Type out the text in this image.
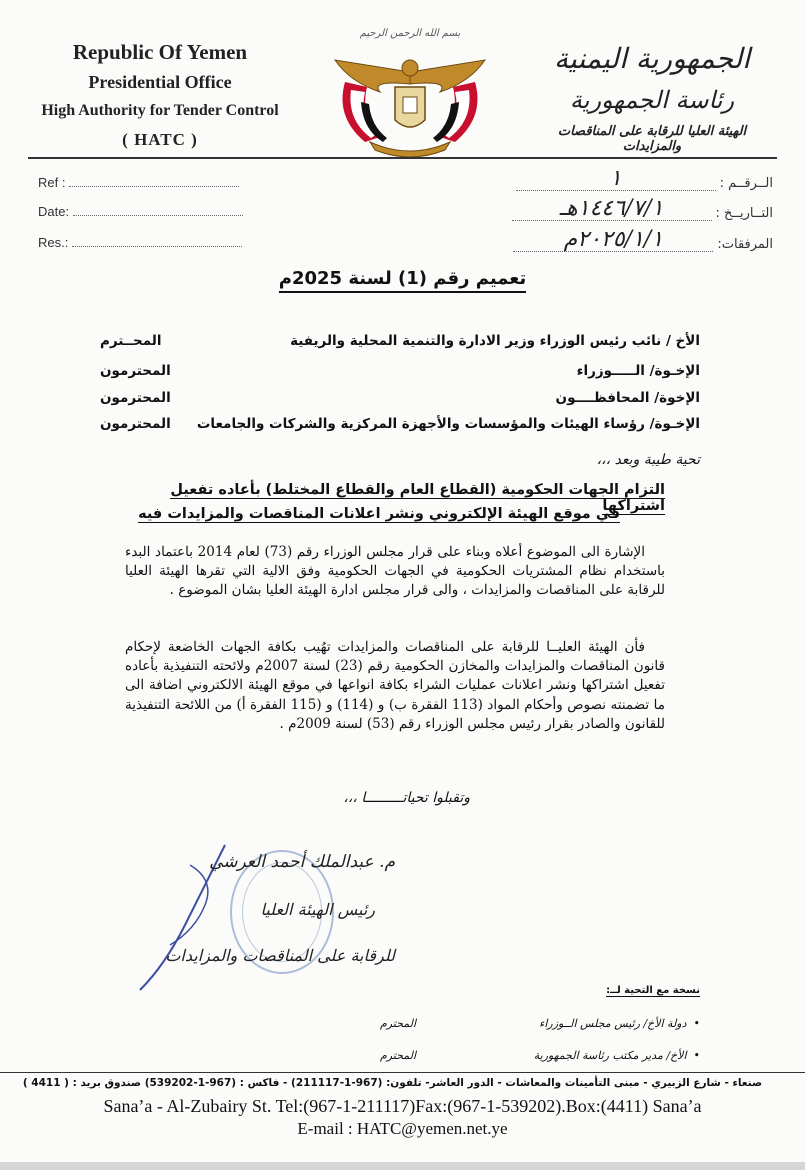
Republic Of Yemen
Presidential Office
High Authority for Tender Control
( HATC )
بسم الله الرحمن الرحيم
الجمهورية اليمنية
رئاسة الجمهورية
الهيئة العليا للرقابة على المناقصات والمزايدات
Ref :
Date:
Res.:
الــرقــم :
١
التــاريــخ :
١٤٤٦/٧/١هـ
المرفقات:
٢٠٢٥/١/١م
تعميم رقم (1) لسنة 2025م
الأخ / نائب رئيس الوزراء وزير الادارة والتنمية المحلية والريفية
المحــترم
الإخـوة/ الـــــوزراء
المحترمون
الإخوة/ المحافظــــون
المحترمون
الإخـوة/ رؤساء الهيئات والمؤسسات والأجهزة المركزية والشركات والجامعات
المحترمون
تحية طيبة وبعد ،،،
التزام الجهات الحكومية (القطاع العام والقطاع المختلط) بأعاده تفعيل اشتراكها
في موقع الهيئة الإلكتروني ونشر اعلانات المناقصات والمزايدات فيه
الإشارة الى الموضوع أعلاه وبناء على قرار مجلس الوزراء رقم (73) لعام 2014 باعتماد البدء باستخدام نظام المشتريات الحكومية في الجهات الحكومية وفق الالية التي تقرها الهيئة العليا للرقابة على المناقصات والمزايدات ، والى قرار مجلس ادارة الهيئة العليا بشان الموضوع .
فأن الهيئة العليــا للرقابة على المناقصات والمزايدات تهُيب بكافة الجهات الخاضعة لإحكام قانون المناقصات والمزايدات والمخازن الحكومية رقم (23) لسنة 2007م ولائحته التنفيذية بأعاده تفعيل اشتراكها ونشر اعلانات عمليات الشراء بكافة انواعها في موقع الهيئة الالكتروني اضافة الى ما تضمنته نصوص وأحكام المواد (113 الفقرة ب) و (114) و (115 الفقرة أ) من اللائحة التنفيذية للقانون والصادر بقرار رئيس مجلس الوزراء رقم (53) لسنة 2009م .
وتقبلوا تحياتـــــــــا ،،،
م. عبدالملك أحمد العرشي
رئيس الهيئة العليا
للرقابة على المناقصات والمزايدات
نسخة مع التحية لــ:
•  دولة الأخ/ رئيس مجلس الــوزراء
المحترم
•  الأخ/ مدير مكتب رئاسة الجمهورية
المحترم
صنعاء - شارع الزبيري - مبنى التأمينات والمعاشات - الدور العاشر- تلفون: (967-1-211117) - فاكس : (967-1-539202) صندوق بريد : ( 4411 )
Sana’a - Al-Zubairy St. Tel:(967-1-211117)Fax:(967-1-539202).Box:(4411) Sana’a
E-mail : HATC@yemen.net.ye
